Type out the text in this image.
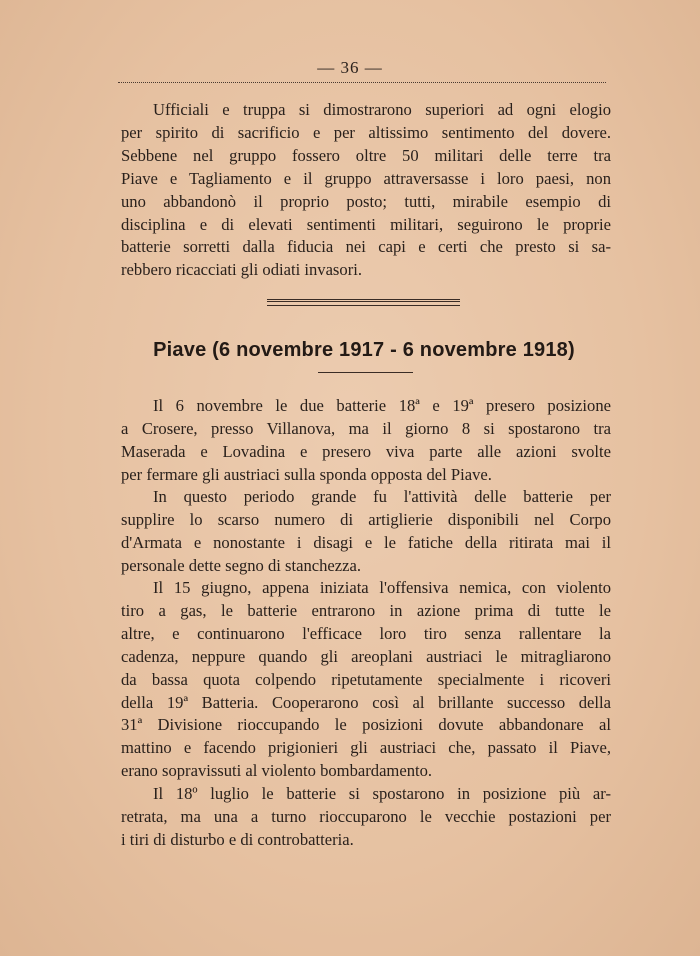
— 36 —
Ufficiali e truppa si dimostrarono superiori ad ogni elogio
per spirito di sacrificio e per altissimo sentimento del dovere.
Sebbene nel gruppo fossero oltre 50 militari delle terre tra
Piave e Tagliamento e il gruppo attraversasse i loro paesi, non
uno abbandonò il proprio posto; tutti, mirabile esempio di
disciplina e di elevati sentimenti militari, seguirono le proprie
batterie sorretti dalla fiducia nei capi e certi che presto si sa-
rebbero ricacciati gli odiati invasori.
Piave (6 novembre 1917 - 6 novembre 1918)
Il 6 novembre le due batterie 18ª e 19ª presero posizione
a Crosere, presso Villanova, ma il giorno 8 si spostarono tra
Maserada e Lovadina e presero viva parte alle azioni svolte
per fermare gli austriaci sulla sponda opposta del Piave.
In questo periodo grande fu l'attività delle batterie per
supplire lo scarso numero di artiglierie disponibili nel Corpo
d'Armata e nonostante i disagi e le fatiche della ritirata mai il
personale dette segno di stanchezza.
Il 15 giugno, appena iniziata l'offensiva nemica, con violento
tiro a gas, le batterie entrarono in azione prima di tutte le
altre, e continuarono l'efficace loro tiro senza rallentare la
cadenza, neppure quando gli areoplani austriaci le mitragliarono
da bassa quota colpendo ripetutamente specialmente i ricoveri
della 19ª Batteria. Cooperarono così al brillante successo della
31ª Divisione rioccupando le posizioni dovute abbandonare al
mattino e facendo prigionieri gli austriaci che, passato il Piave,
erano sopravissuti al violento bombardamento.
Il 18º luglio le batterie si spostarono in posizione più ar-
retrata, ma una a turno rioccuparono le vecchie postazioni per
i tiri di disturbo e di controbatteria.
